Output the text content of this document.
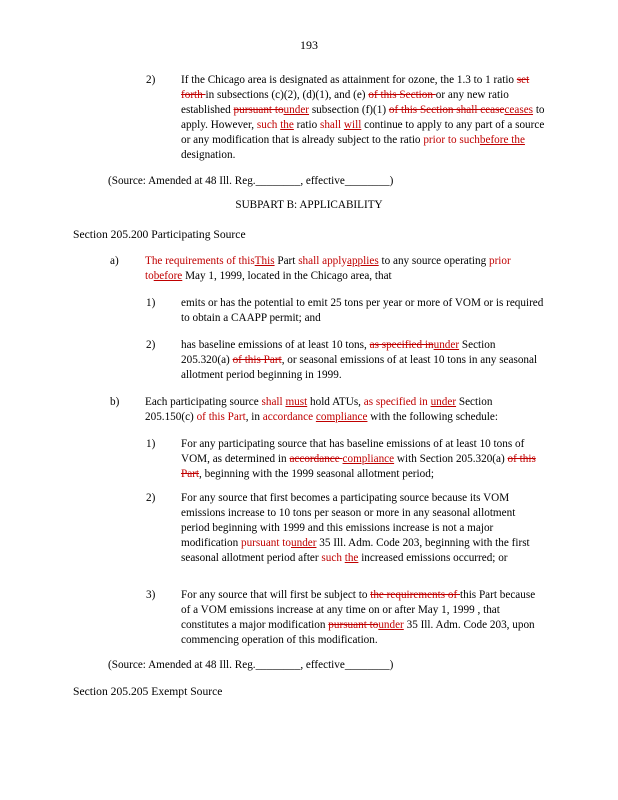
193
2) If the Chicago area is designated as attainment for ozone, the 1.3 to 1 ratio set forth in subsections (c)(2), (d)(1), and (e) of this Section or any new ratio established pursuant tounder subsection (f)(1) of this Section shall ceaseceases to apply. However, such the ratio shall will continue to apply to any part of a source or any modification that is already subject to the ratio prior to suchbefore the designation.
(Source: Amended at 48 Ill. Reg.________, effective________)
SUBPART B: APPLICABILITY
Section 205.200 Participating Source
a) The requirements of thisThis Part shall applyapplies to any source operating prior tobefore May 1, 1999, located in the Chicago area, that
1) emits or has the potential to emit 25 tons per year or more of VOM or is required to obtain a CAAPP permit; and
2) has baseline emissions of at least 10 tons, as specified inunder Section 205.320(a) of this Part, or seasonal emissions of at least 10 tons in any seasonal allotment period beginning in 1999.
b) Each participating source shall must hold ATUs, as specified in under Section 205.150(c) of this Part, in accordance compliance with the following schedule:
1) For any participating source that has baseline emissions of at least 10 tons of VOM, as determined in accordance compliance with Section 205.320(a) of this Part, beginning with the 1999 seasonal allotment period;
2) For any source that first becomes a participating source because its VOM emissions increase to 10 tons per season or more in any seasonal allotment period beginning with 1999 and this emissions increase is not a major modification pursuant tounder 35 Ill. Adm. Code 203, beginning with the first seasonal allotment period after such the increased emissions occurred; or
3) For any source that will first be subject to the requirements of this Part because of a VOM emissions increase at any time on or after May 1, 1999 , that constitutes a major modification pursuant tounder 35 Ill. Adm. Code 203, upon commencing operation of this modification.
(Source: Amended at 48 Ill. Reg.________, effective________)
Section 205.205 Exempt Source
